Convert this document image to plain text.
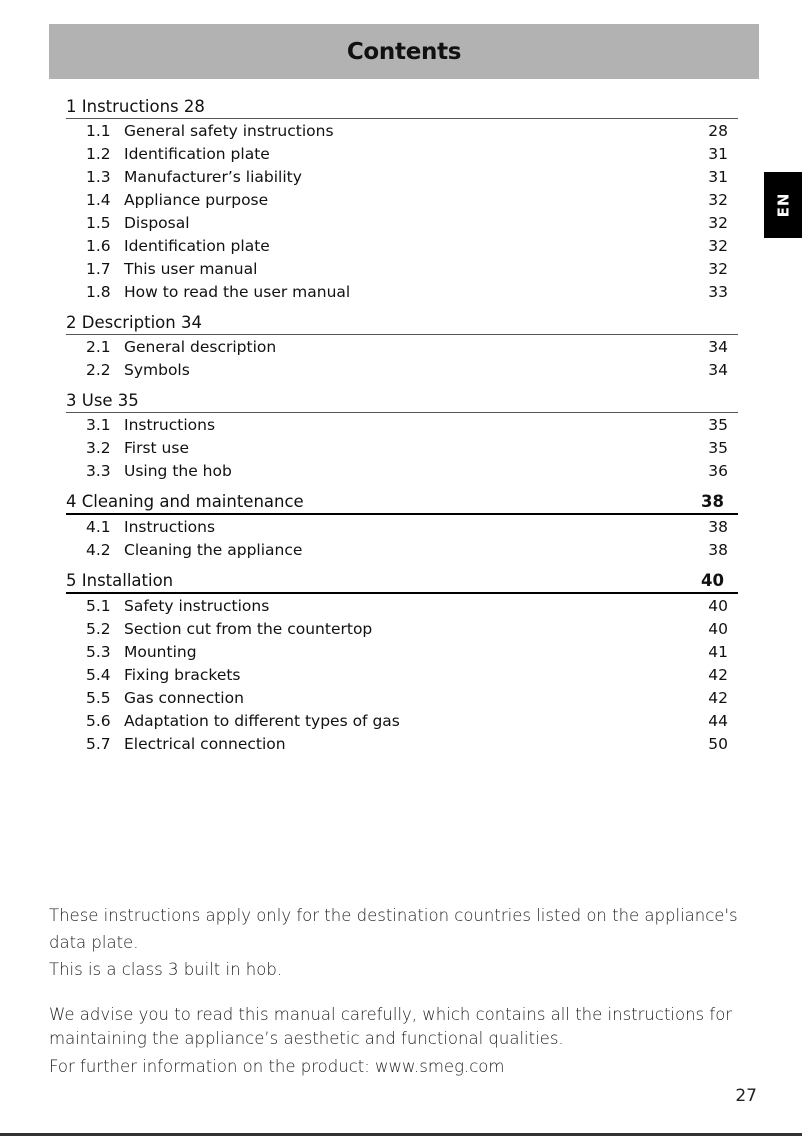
Contents
EN
1 Instructions 28
1.1 General safety instructions	28
1.2 Identification plate	31
1.3 Manufacturer’s liability	31
1.4 Appliance purpose	32
1.5 Disposal	32
1.6 Identification plate	32
1.7 This user manual	32
1.8 How to read the user manual	33
2 Description 34
2.1 General description	34
2.2 Symbols	34
3 Use 35
3.1 Instructions	35
3.2 First use	35
3.3 Using the hob	36
4 Cleaning and maintenance	38
4.1 Instructions	38
4.2 Cleaning the appliance	38
5 Installation	40
5.1 Safety instructions	40
5.2 Section cut from the countertop	40
5.3 Mounting	41
5.4 Fixing brackets	42
5.5 Gas connection	42
5.6 Adaptation to different types of gas	44
5.7 Electrical connection	50

These instructions apply only for the destination countries listed on the appliance's data plate.

This is a class 3 built in hob.

We advise you to read this manual carefully, which contains all the instructions for

maintaining the appliance’s aesthetic and functional qualities.

For further information on the product: www.smeg.com

27
